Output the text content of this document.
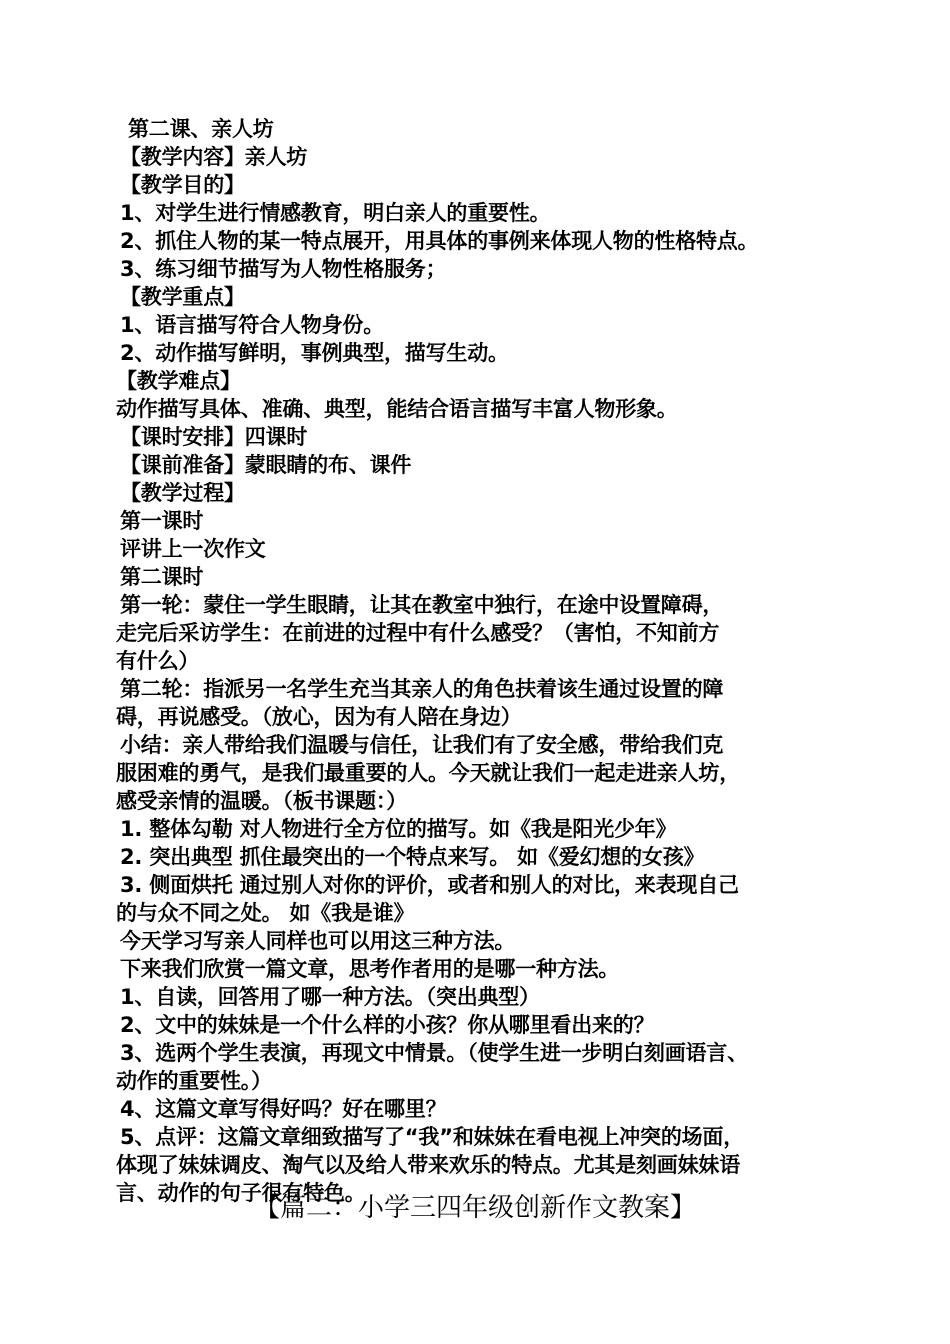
第二课、亲人坊
【教学内容】亲人坊
【教学目的】
1、对学生进行情感教育，明白亲人的重要性。
2、抓住人物的某一特点展开，用具体的事例来体现人物的性格特点。
3、练习细节描写为人物性格服务；
【教学重点】
1、语言描写符合人物身份。
2、动作描写鲜明，事例典型，描写生动。
【教学难点】
动作描写具体、准确、典型，能结合语言描写丰富人物形象。
【课时安排】四课时
【课前准备】蒙眼睛的布、课件
【教学过程】
第一课时
评讲上一次作文
第二课时
第一轮：蒙住一学生眼睛，让其在教室中独行，在途中设置障碍，
走完后采访学生：在前进的过程中有什么感受？（害怕，不知前方
有什么）
第二轮：指派另一名学生充当其亲人的角色扶着该生通过设置的障
碍，再说感受。（放心，因为有人陪在身边）
小结：亲人带给我们温暖与信任，让我们有了安全感，带给我们克
服困难的勇气，是我们最重要的人。今天就让我们一起走进亲人坊，
感受亲情的温暖。（板书课题：）
1. 整体勾勒 对人物进行全方位的描写。如《我是阳光少年》
2. 突出典型 抓住最突出的一个特点来写。 如《爱幻想的女孩》
3. 侧面烘托 通过别人对你的评价，或者和别人的对比，来表现自己
的与众不同之处。 如《我是谁》
今天学习写亲人同样也可以用这三种方法。
下来我们欣赏一篇文章，思考作者用的是哪一种方法。
1、自读，回答用了哪一种方法。（突出典型）
2、文中的妹妹是一个什么样的小孩？你从哪里看出来的？
3、选两个学生表演，再现文中情景。（使学生进一步明白刻画语言、
动作的重要性。）
4、这篇文章写得好吗？好在哪里？
5、点评：这篇文章细致描写了“我”和妹妹在看电视上冲突的场面，
体现了妹妹调皮、淘气以及给人带来欢乐的特点。尤其是刻画妹妹语
言、动作的句子很有特色。
【篇二：小学三四年级创新作文教案】
